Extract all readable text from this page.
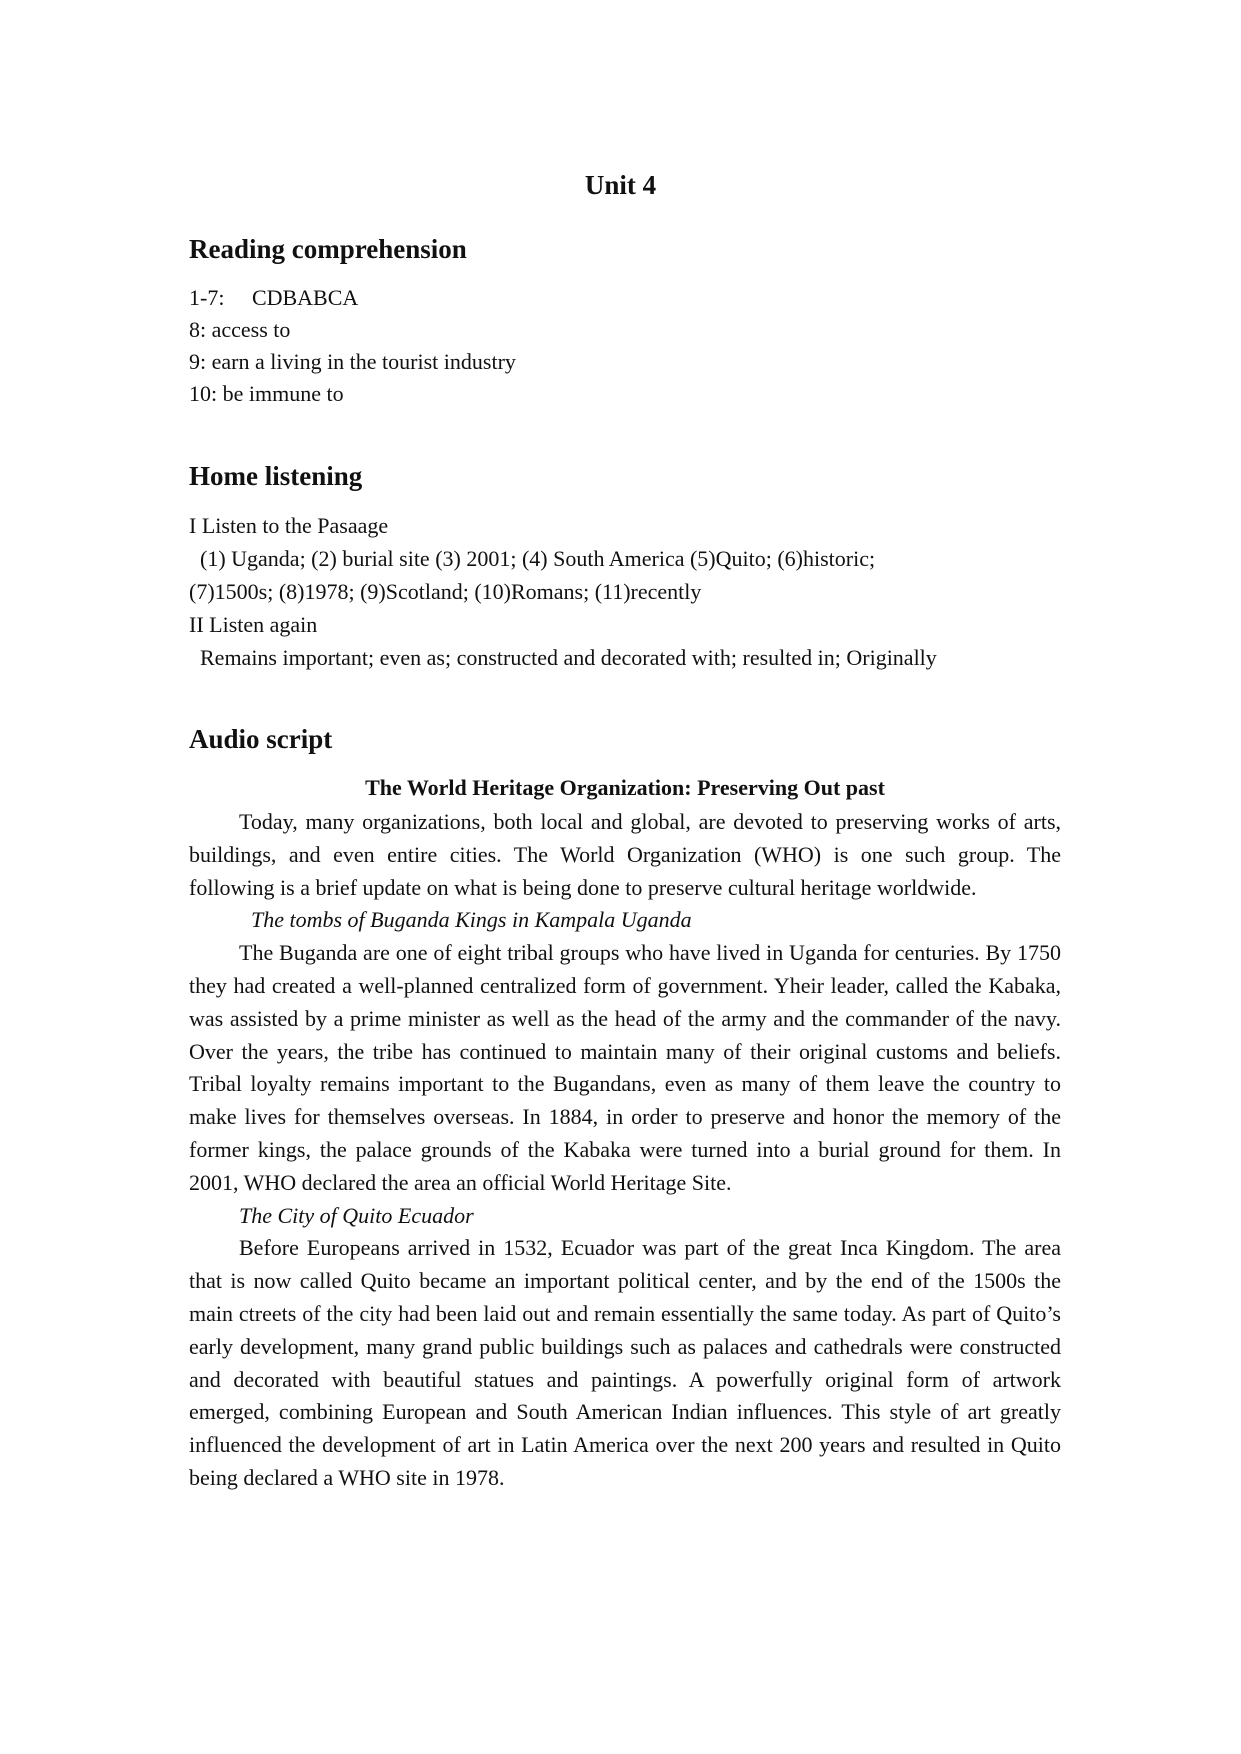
Unit 4
Reading comprehension
1-7:     CDBABCA
8: access to
9: earn a living in the tourist industry
10: be immune to
Home listening
I Listen to the Pasaage
(1) Uganda; (2) burial site (3) 2001; (4) South America (5)Quito; (6)historic;
(7)1500s; (8)1978; (9)Scotland; (10)Romans; (11)recently
II Listen again
Remains important; even as; constructed and decorated with; resulted in; Originally
Audio script
The World Heritage Organization: Preserving Out past

Today, many organizations, both local and global, are devoted to preserving works of arts, buildings, and even entire cities. The World Organization (WHO) is one such group. The following is a brief update on what is being done to preserve cultural heritage worldwide.

The tombs of Buganda Kings in Kampala Uganda

The Buganda are one of eight tribal groups who have lived in Uganda for centuries. By 1750 they had created a well-planned centralized form of government. Yheir leader, called the Kabaka, was assisted by a prime minister as well as the head of the army and the commander of the navy. Over the years, the tribe has continued to maintain many of their original customs and beliefs. Tribal loyalty remains important to the Bugandans, even as many of them leave the country to make lives for themselves overseas. In 1884, in order to preserve and honor the memory of the former kings, the palace grounds of the Kabaka were turned into a burial ground for them. In 2001, WHO declared the area an official World Heritage Site.

The City of Quito Ecuador

Before Europeans arrived in 1532, Ecuador was part of the great Inca Kingdom. The area that is now called Quito became an important political center, and by the end of the 1500s the main ctreets of the city had been laid out and remain essentially the same today. As part of Quito’s early development, many grand public buildings such as palaces and cathedrals were constructed and decorated with beautiful statues and paintings. A powerfully original form of artwork emerged, combining European and South American Indian influences. This style of art greatly influenced the development of art in Latin America over the next 200 years and resulted in Quito being declared a WHO site in 1978.
